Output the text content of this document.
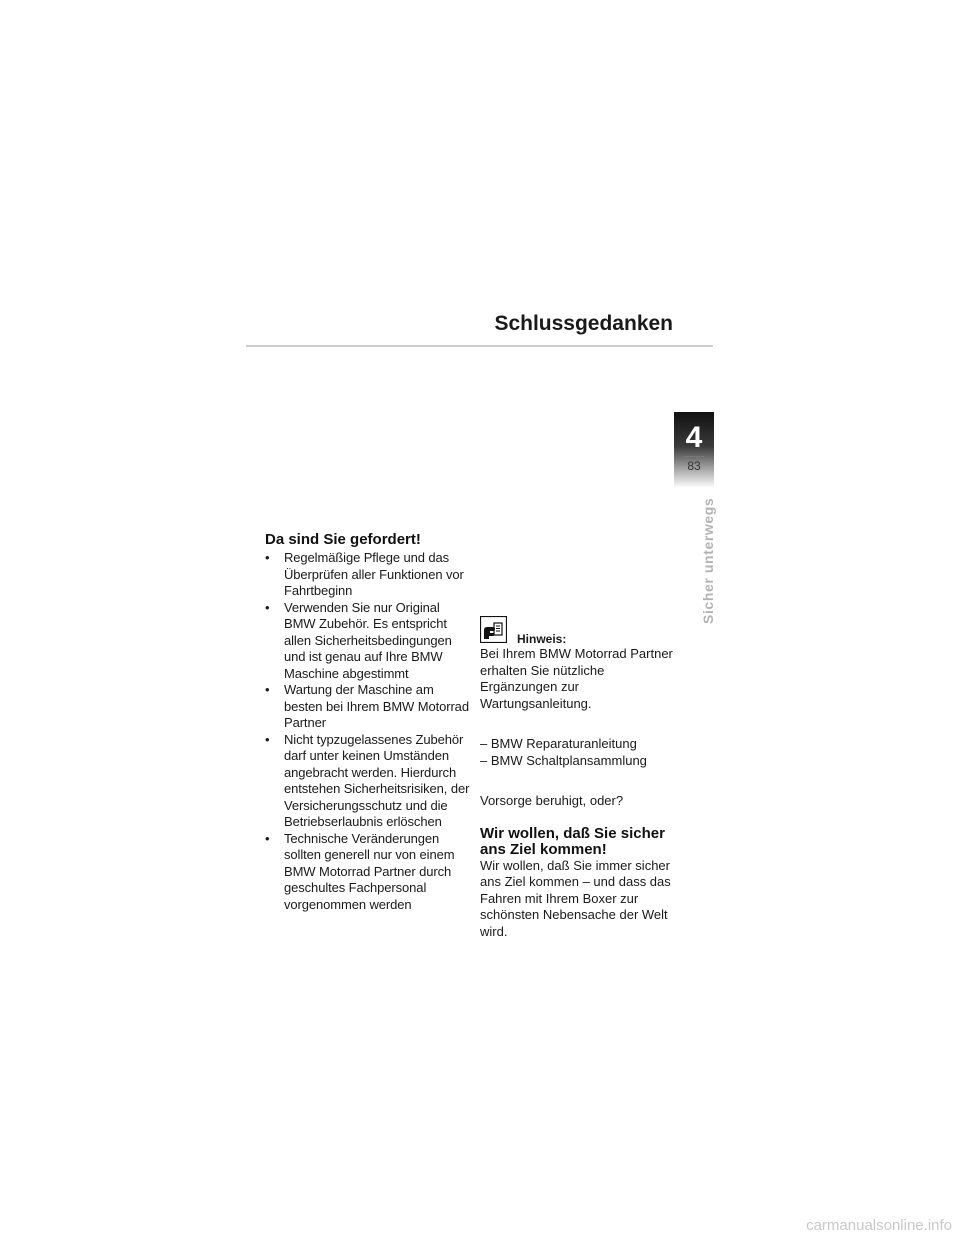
Schlussgedanken
4
83
Sicher unterwegs
Da sind Sie gefordert!
• Regelmäßige Pflege und das Überprüfen aller Funktionen vor Fahrtbeginn
• Verwenden Sie nur Original BMW Zubehör. Es entspricht allen Sicherheitsbedingungen und ist genau auf Ihre BMW Maschine abgestimmt
• Wartung der Maschine am besten bei Ihrem BMW Motorrad Partner
• Nicht typzugelassenes Zubehör darf unter keinen Umständen angebracht werden. Hierdurch entstehen Sicherheitsrisiken, der Versicherungsschutz und die Betriebserlaubnis erlöschen
• Technische Veränderungen sollten generell nur von einem BMW Motorrad Partner durch geschultes Fachpersonal vorgenommen werden
Hinweis:

Bei Ihrem BMW Motorrad Partner erhalten Sie nützliche Ergänzungen zur Wartungsanleitung.

– BMW Reparaturanleitung

– BMW Schaltplansammlung

Vorsorge beruhigt, oder?

Wir wollen, daß Sie sicher ans Ziel kommen!

Wir wollen, daß Sie immer sicher ans Ziel kommen – und dass das Fahren mit Ihrem Boxer zur schönsten Nebensache der Welt wird.

carmanualsonline.info
